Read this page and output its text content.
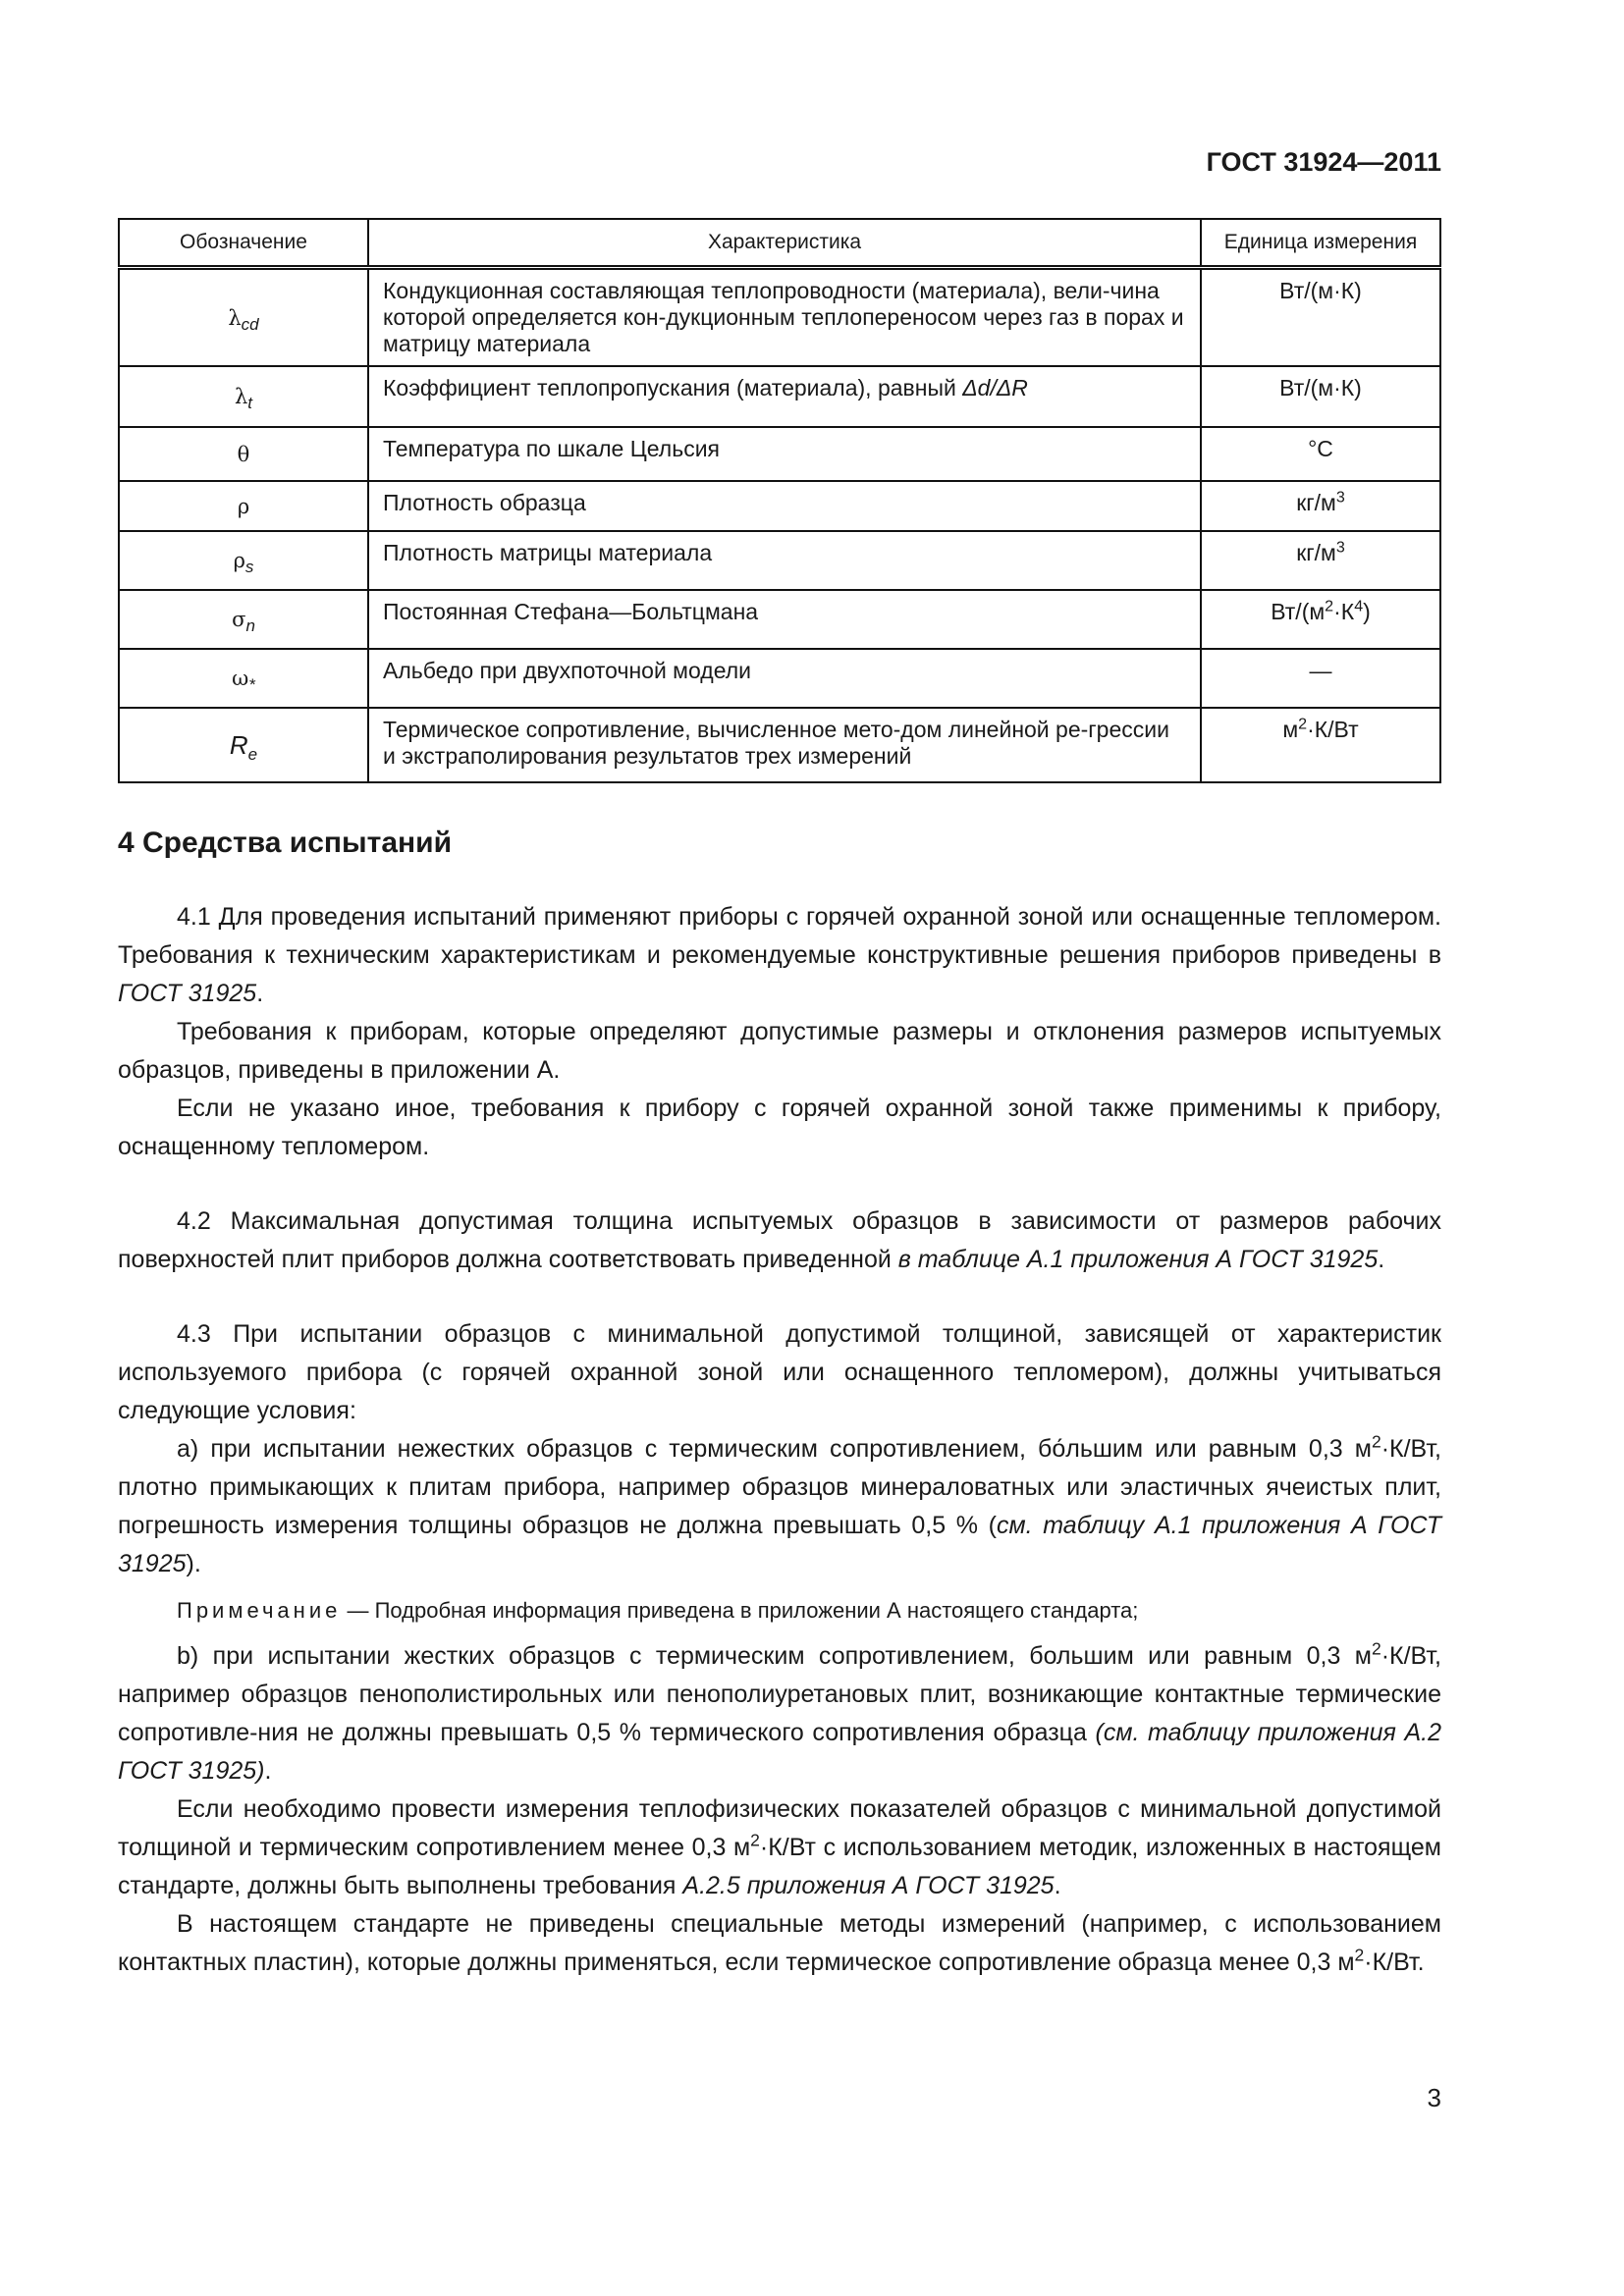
ГОСТ 31924—2011
Обозначение	Характеристика	Единица измерения
$\lambda_{cd}$	Кондукционная составляющая теплопроводности (материала), вели-чина которой определяется кон-дукционным теплопереносом через газ в порах и матрицу материала	Вт/(м·К)
$\lambda_t$	Коэффициент теплопропускания (материала), равный Δd/ΔR	Вт/(м·К)
θ	Температура по шкале Цельсия	°С
ρ	Плотность образца	$кг/м^3$
$\rho_s$	Плотность матрицы материала	$кг/м^3$
$\sigma_n$	Постоянная Стефана—Больтцмана	$Вт/(м^2\cdot К^4)$
$\omega_*$	Альбедо при двухпоточной модели	—
$R_e$	Термическое сопротивление, вычисленное мето-дом линейной ре-грессии и экстраполирования результатов трех измерений	$м^2\cdot К/Вт$
4 Средства испытаний

4.1 Для проведения испытаний применяют приборы с горячей охранной зоной или оснащенные тепломером. Требования к техническим характеристикам и рекомендуемые конструктивные решения приборов приведены в ГОСТ 31925.

Требования к приборам, которые определяют допустимые размеры и отклонения размеров испытуемых образцов, приведены в приложении А.

Если не указано иное, требования к прибору с горячей охранной зоной также применимы к прибору, оснащенному тепломером.

4.2 Максимальная допустимая толщина испытуемых образцов в зависимости от размеров рабочих поверхностей плит приборов должна соответствовать приведенной в таблице А.1 приложения А ГОСТ 31925.

4.3 При испытании образцов с минимальной допустимой толщиной, зависящей от характеристик используемого прибора (с горячей охранной зоной или оснащенного тепломером), должны учитываться следующие условия:

а) при испытании нежестких образцов с термическим сопротивлением, бо́льшим или равным 0,3 $м^2\cdot К/Вт$, плотно примыкающих к плитам прибора, например образцов минераловатных или эластичных ячеистых плит, погрешность измерения толщины образцов не должна превышать 0,5 % (см. таблицу А.1 приложения А ГОСТ 31925).

Примечание — Подробная информация приведена в приложении А настоящего стандарта;

b) при испытании жестких образцов с термическим сопротивлением, большим или равным 0,3 $м^2\cdot К/Вт$, например образцов пенополистирольных или пенополиуретановых плит, возникающие контактные термические сопротивле-ния не должны превышать 0,5 % термического сопротивления образца (см. таблицу приложения А.2 ГОСТ 31925).

Если необходимо провести измерения теплофизических показателей образцов с минимальной допустимой толщиной и термическим сопротивлением менее 0,3 $м^2\cdot К/Вт$ с использованием методик, изложенных в настоящем стандарте, должны быть выполнены требования А.2.5 приложения А ГОСТ 31925.

В настоящем стандарте не приведены специальные методы измерений (например, с использованием контактных пластин), которые должны применяться, если термическое сопротивление образца менее 0,3 $м^2\cdot К/Вт$.

3
